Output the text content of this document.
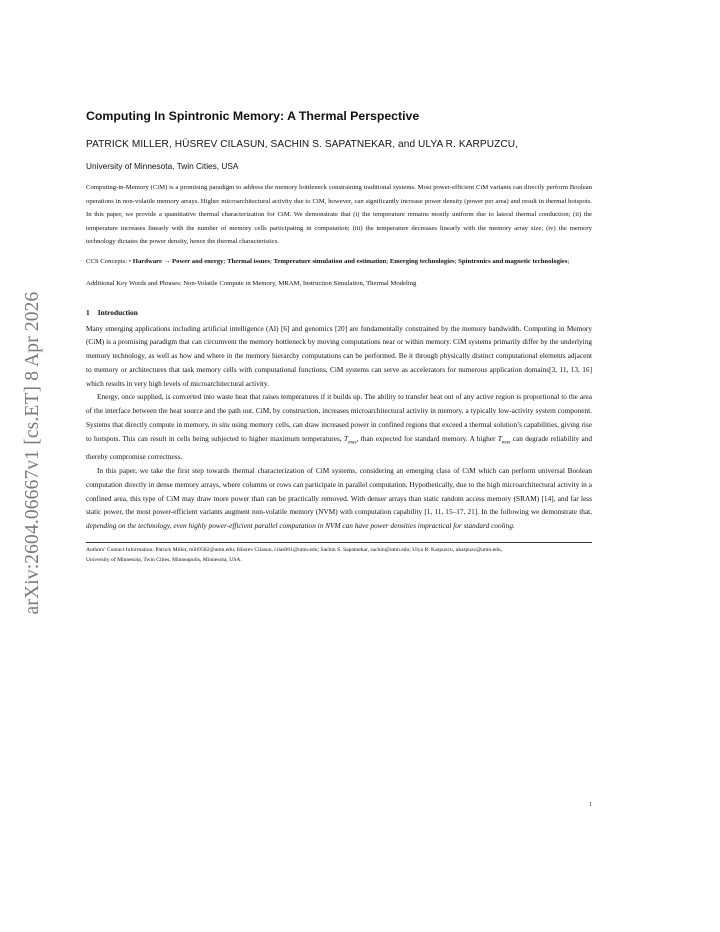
arXiv:2604.06667v1 [cs.ET] 8 Apr 2026
Computing In Spintronic Memory: A Thermal Perspective
PATRICK MILLER, HÜSREV CILASUN, SACHIN S. SAPATNEKAR, and ULYA R. KARPUZCU,
University of Minnesota, Twin Cities, USA
Computing-in-Memory (CiM) is a promising paradigm to address the memory bottleneck constraining traditional systems. Most power-efficient CiM variants can directly perform Boolean operations in non-volatile memory arrays. Higher microarchitectural activity due to CiM, however, can significantly increase power density (power per area) and result in thermal hotspots. In this paper, we provide a quantitative thermal characterization for CiM. We demonstrate that (i) the temperature remains mostly uniform due to lateral thermal conduction; (ii) the temperature increases linearly with the number of memory cells participating in computation; (iii) the temperature decreases linearly with the memory array size; (iv) the memory technology dictates the power density, hence the thermal characteristics.
CCS Concepts: • Hardware → Power and energy; Thermal issues; Temperature simulation and estimation; Emerging technologies; Spintronics and magnetic technologies;
Additional Key Words and Phrases: Non-Volatile Compute in Memory, MRAM, Instruction Simulation, Thermal Modeling
1 Introduction

Many emerging applications including artificial intelligence (AI) [6] and genomics [20] are fundamentally constrained by the memory bandwidth. Computing in Memory (CiM) is a promising paradigm that can circumvent the memory bottleneck by moving computations near or within memory. CiM systems primarily differ by the underlying memory technology, as well as how and where in the memory hierarchy computations can be performed. Be it through physically distinct computational elements adjacent to memory or architectures that task memory cells with computational functions, CiM systems can serve as accelerators for numerous application domains[3, 11, 13, 16] which results in very high levels of microarchitectural activity.

Energy, once supplied, is converted into waste heat that raises temperatures if it builds up. The ability to transfer heat out of any active region is proportional to the area of the interface between the heat source and the path out. CiM, by construction, increases microarchitectural activity in memory, a typically low-activity system component. Systems that directly compute in memory, in situ using memory cells, can draw increased power in confined regions that exceed a thermal solution’s capabilities, giving rise to hotspots. This can result in cells being subjected to higher maximum temperatures, $T_{max}$, than expected for standard memory. A higher $T_{max}$ can degrade reliability and thereby compromise correctness.

In this paper, we take the first step towards thermal characterization of CiM systems, considering an emerging class of CiM which can perform universal Boolean computation directly in dense memory arrays, where columns or rows can participate in parallel computation. Hypothetically, due to the high microarchitectural activity in a confined area, this type of CiM may draw more power than can be practically removed. With denser arrays than static random access memory (SRAM) [14], and far less static power, the most power-efficient variants augment non-volatile memory (NVM) with computation capability [1, 11, 15–17, 21]. In the following we demonstrate that, depending on the technology, even highly power-efficient parallel computation in NVM can have power densities impractical for standard cooling.

Authors’ Contact Information: Patrick Miller, mill9582@umn.edu; Hüsrev Cilasun, cilas001@umn.edu; Sachin S. Sapatnekar, sachin@umn.edu; Ulya R. Karpuzcu, ukarpuzc@umn.edu,
University of Minnesota, Twin Cities, Minneapolis, Minnesota, USA.
1
